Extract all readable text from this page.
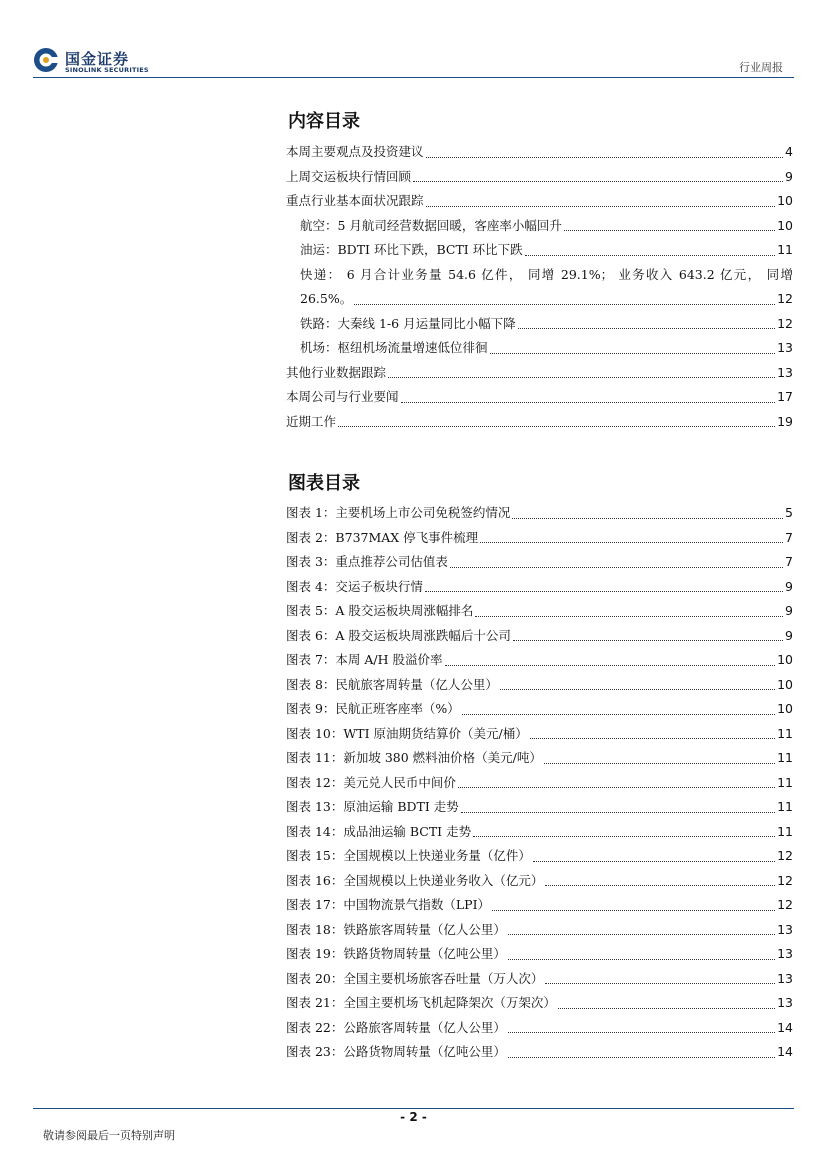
国金证券
SINOLINK SECURITIES	行业周报
内容目录
本周主要观点及投资建议	4
上周交运板块行情回顾	9
重点行业基本面状况跟踪	10
航空：5 月航司经营数据回暖，客座率小幅回升	10
油运：BDTI 环比下跌，BCTI 环比下跌	11
快递： 6 月合计业务量 54.6 亿件， 同增 29.1%； 业务收入 643.2 亿元， 同增
26.5%。	12
铁路：大秦线 1-6 月运量同比小幅下降	12
机场：枢纽机场流量增速低位徘徊	13
其他行业数据跟踪	13
本周公司与行业要闻	17
近期工作	19
图表目录
图表 1：主要机场上市公司免税签约情况	5
图表 2：B737MAX 停飞事件梳理	7
图表 3：重点推荐公司估值表	7
图表 4：交运子板块行情	9
图表 5：A 股交运板块周涨幅排名	9
图表 6：A 股交运板块周涨跌幅后十公司	9
图表 7：本周 A/H 股溢价率	10
图表 8：民航旅客周转量（亿人公里）	10
图表 9：民航正班客座率（%）	10
图表 10：WTI 原油期货结算价（美元/桶）	11
图表 11：新加坡 380 燃料油价格（美元/吨）	11
图表 12：美元兑人民币中间价	11
图表 13：原油运输 BDTI 走势	11
图表 14：成品油运输 BCTI 走势	11
图表 15：全国规模以上快递业务量（亿件）	12
图表 16：全国规模以上快递业务收入（亿元）	12
图表 17：中国物流景气指数（LPI）	12
图表 18：铁路旅客周转量（亿人公里）	13
图表 19：铁路货物周转量（亿吨公里）	13
图表 20：全国主要机场旅客吞吐量（万人次）	13
图表 21：全国主要机场飞机起降架次（万架次）	13
图表 22：公路旅客周转量（亿人公里）	14
图表 23：公路货物周转量（亿吨公里）	14
- 2 -
敬请参阅最后一页特别声明
